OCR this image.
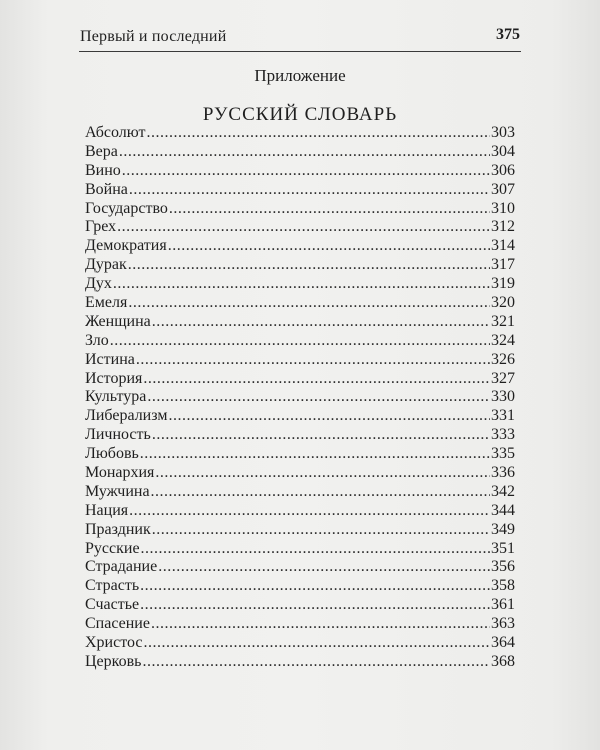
Первый и последний	375
Приложение
РУССКИЙ СЛОВАРЬ
Абсолют .....	303
Вера .....	304
Вино .....	306
Война .....	307
Государство .....	310
Грех .....	312
Демократия .....	314
Дурак .....	317
Дух .....	319
Емеля .....	320
Женщина .....	321
Зло .....	324
Истина .....	326
История .....	327
Культура .....	330
Либерализм .....	331
Личность .....	333
Любовь .....	335
Монархия .....	336
Мужчина .....	342
Нация .....	344
Праздник .....	349
Русские .....	351
Страдание .....	356
Страсть .....	358
Счастье .....	361
Спасение .....	363
Христос .....	364
Церковь .....	368
